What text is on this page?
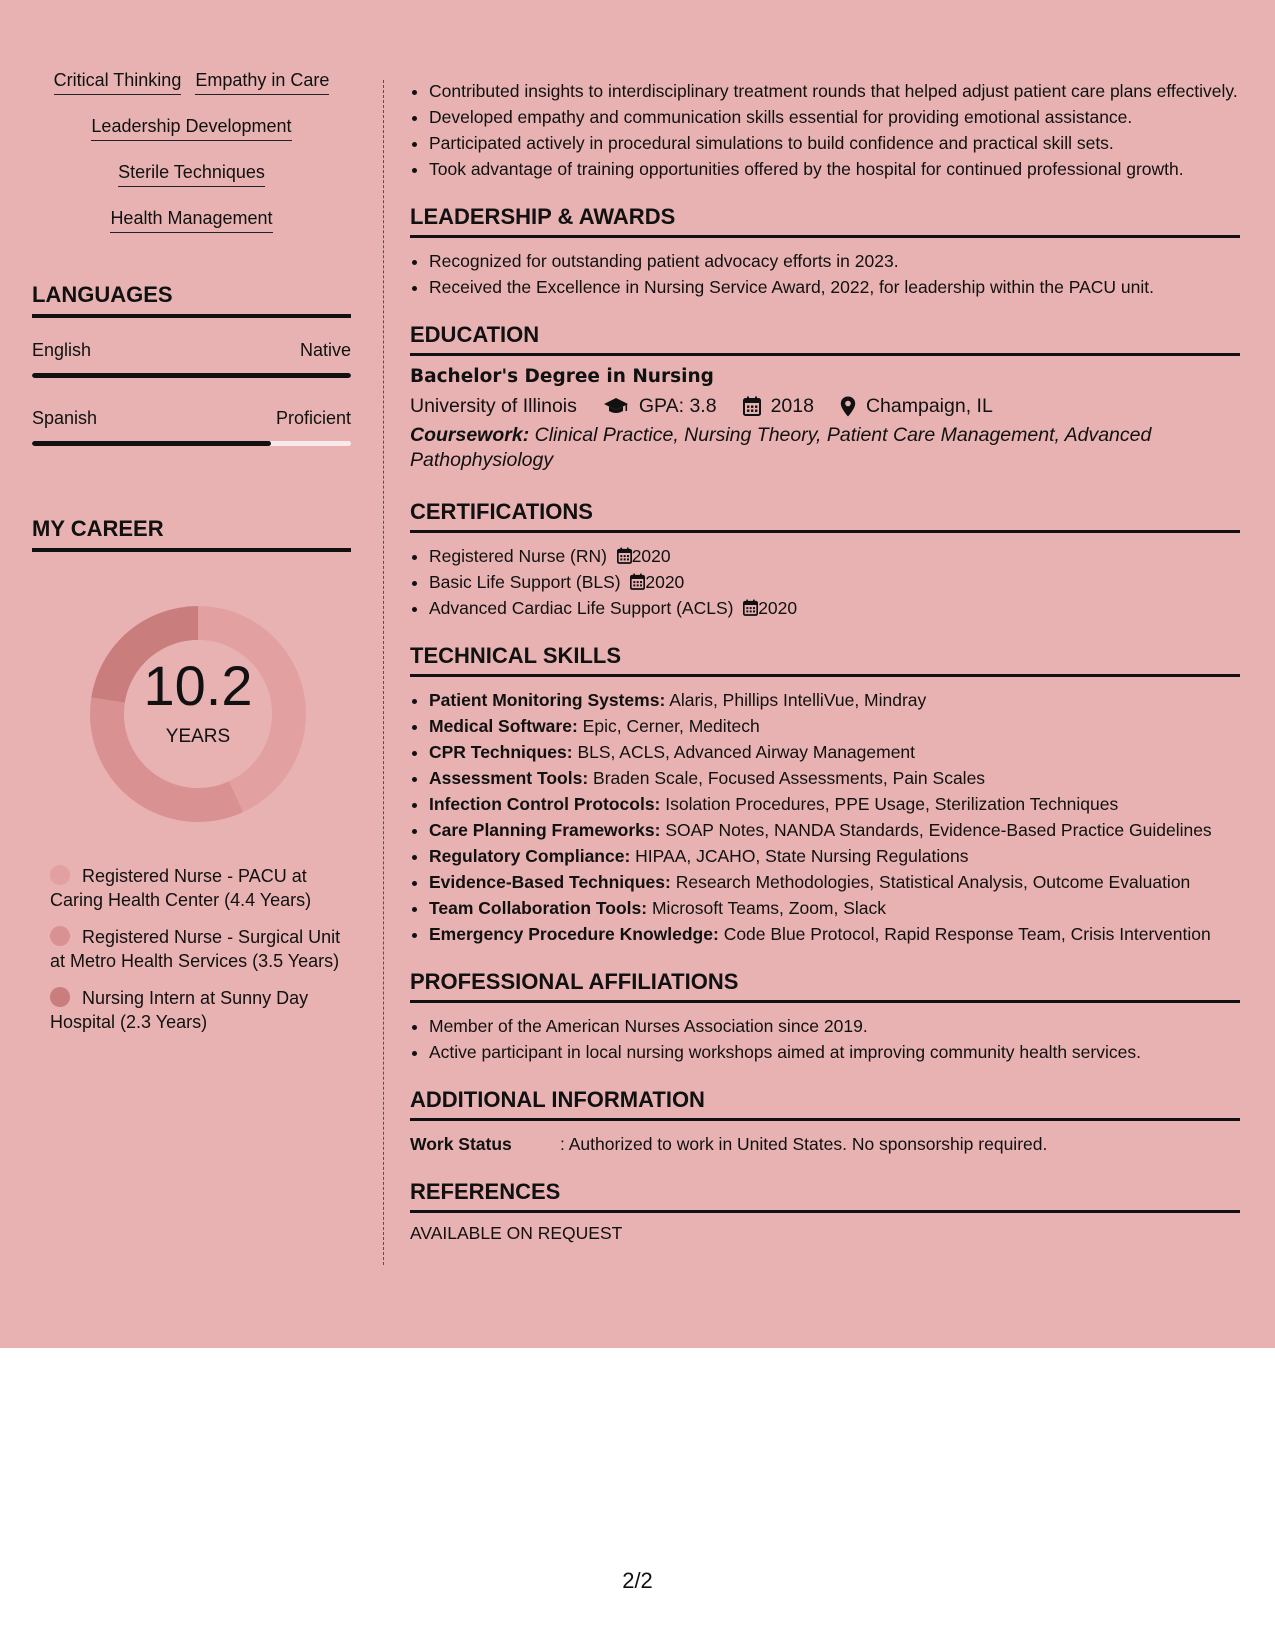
Critical Thinking Empathy in Care
Leadership Development
Sterile Techniques
Health Management
LANGUAGES
English	Native
Spanish	Proficient
MY CAREER
10.2
YEARS
Registered Nurse - PACU at Caring Health Center (4.4 Years)
Registered Nurse - Surgical Unit at Metro Health Services (3.5 Years)
Nursing Intern at Sunny Day Hospital (2.3 Years)
• Contributed insights to interdisciplinary treatment rounds that helped adjust patient care plans effectively.
• Developed empathy and communication skills essential for providing emotional assistance.
• Participated actively in procedural simulations to build confidence and practical skill sets.
• Took advantage of training opportunities offered by the hospital for continued professional growth.
LEADERSHIP & AWARDS
• Recognized for outstanding patient advocacy efforts in 2023.
• Received the Excellence in Nursing Service Award, 2022, for leadership within the PACU unit.
EDUCATION
Bachelor's Degree in Nursing
University of Illinois	GPA: 3.8	2018	Champaign, IL
Coursework: Clinical Practice, Nursing Theory, Patient Care Management, Advanced Pathophysiology
CERTIFICATIONS
• Registered Nurse (RN) 2020
• Basic Life Support (BLS) 2020
• Advanced Cardiac Life Support (ACLS) 2020
TECHNICAL SKILLS
• Patient Monitoring Systems: Alaris, Phillips IntelliVue, Mindray
• Medical Software: Epic, Cerner, Meditech
• CPR Techniques: BLS, ACLS, Advanced Airway Management
• Assessment Tools: Braden Scale, Focused Assessments, Pain Scales
• Infection Control Protocols: Isolation Procedures, PPE Usage, Sterilization Techniques
• Care Planning Frameworks: SOAP Notes, NANDA Standards, Evidence-Based Practice Guidelines
• Regulatory Compliance: HIPAA, JCAHO, State Nursing Regulations
• Evidence-Based Techniques: Research Methodologies, Statistical Analysis, Outcome Evaluation
• Team Collaboration Tools: Microsoft Teams, Zoom, Slack
• Emergency Procedure Knowledge: Code Blue Protocol, Rapid Response Team, Crisis Intervention
PROFESSIONAL AFFILIATIONS
• Member of the American Nurses Association since 2019.
• Active participant in local nursing workshops aimed at improving community health services.
ADDITIONAL INFORMATION
Work Status	: Authorized to work in United States. No sponsorship required.
REFERENCES
AVAILABLE ON REQUEST
2/2
